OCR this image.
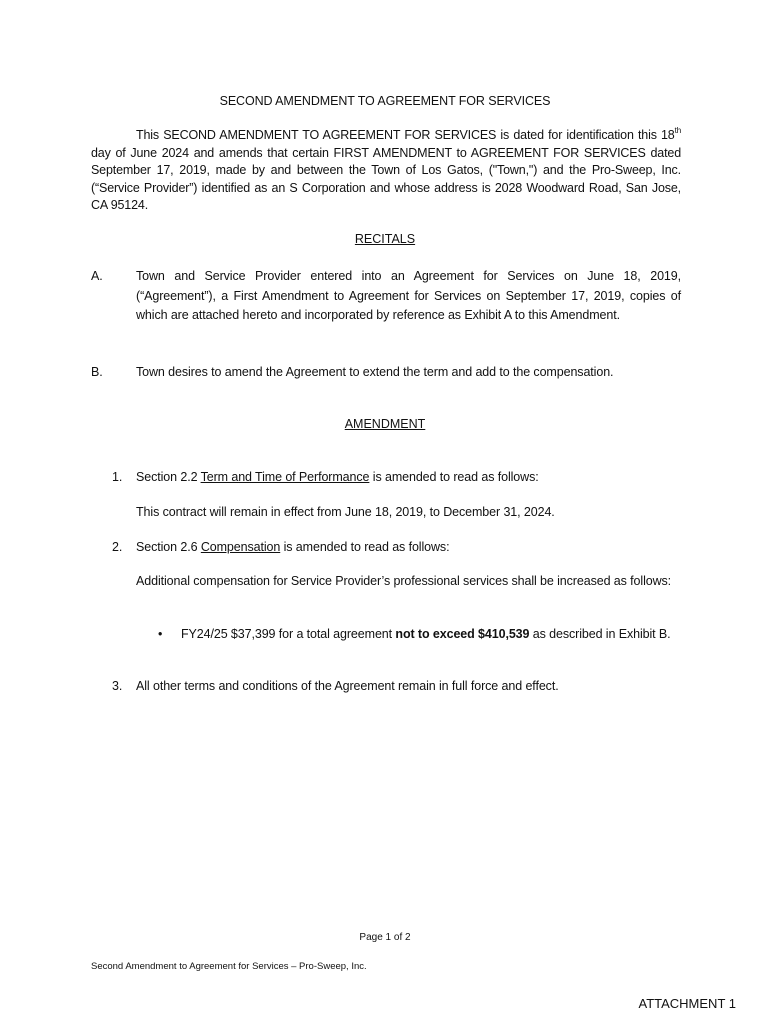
SECOND AMENDMENT TO AGREEMENT FOR SERVICES
This SECOND AMENDMENT TO AGREEMENT FOR SERVICES is dated for identification this 18th day of June 2024 and amends that certain FIRST AMENDMENT to AGREEMENT FOR SERVICES dated September 17, 2019, made by and between the Town of Los Gatos, ("Town,") and the Pro-Sweep, Inc. (“Service Provider”) identified as an S Corporation and whose address is 2028 Woodward Road, San Jose, CA 95124.
RECITALS
A.	Town and Service Provider entered into an Agreement for Services on June 18, 2019, (“Agreement”), a First Amendment to Agreement for Services on September 17, 2019, copies of which are attached hereto and incorporated by reference as Exhibit A to this Amendment.
B.	Town desires to amend the Agreement to extend the term and add to the compensation.
AMENDMENT
1. Section 2.2 Term and Time of Performance is amended to read as follows:
This contract will remain in effect from June 18, 2019, to December 31, 2024.
2. Section 2.6 Compensation is amended to read as follows:
Additional compensation for Service Provider’s professional services shall be increased as follows:
• FY24/25 $37,399 for a total agreement not to exceed $410,539 as described in Exhibit B.
3. All other terms and conditions of the Agreement remain in full force and effect.
Page 1 of 2
Second Amendment to Agreement for Services – Pro-Sweep, Inc.
ATTACHMENT 1
